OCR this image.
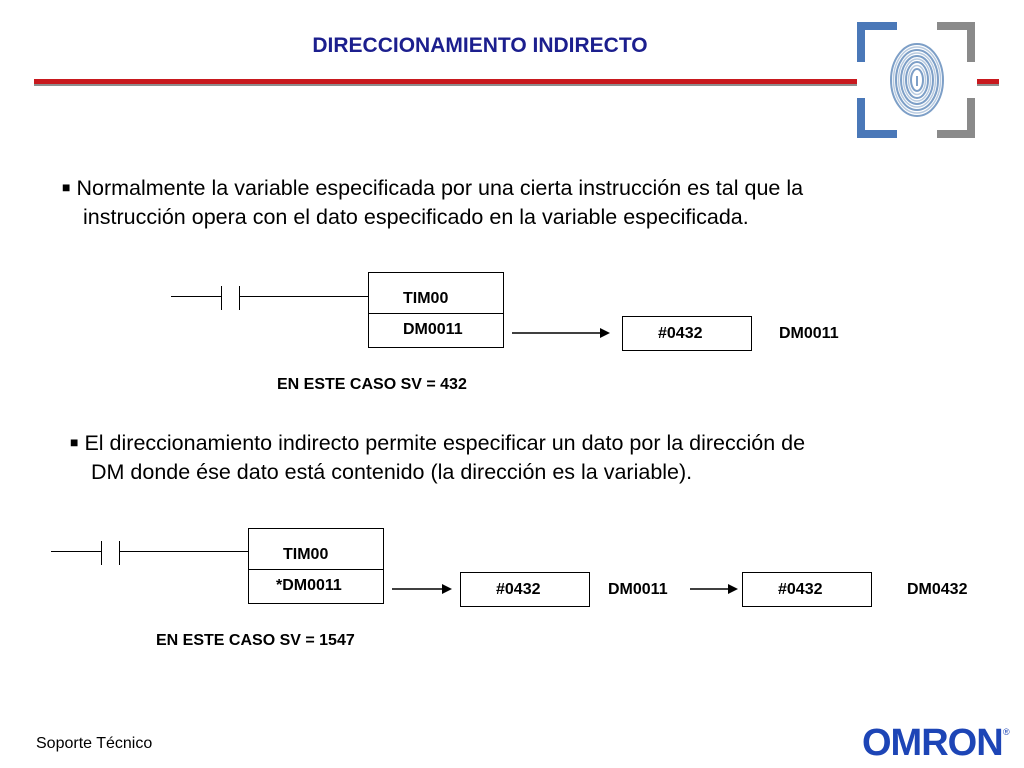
DIRECCIONAMIENTO INDIRECTO
■ Normalmente la variable especificada por una cierta instrucción es tal que la
instrucción opera con el dato especificado en la variable especificada.
TIM00
DM0011	#0432	DM0011
EN ESTE CASO SV = 432
■ El direccionamiento indirecto permite especificar un dato por la dirección de
DM donde ése dato está contenido (la dirección es la variable).
TIM00
*DM0011	#0432	DM0011	#0432	DM0432
EN ESTE CASO SV = 1547
Soporte Técnico	OMRON ®
